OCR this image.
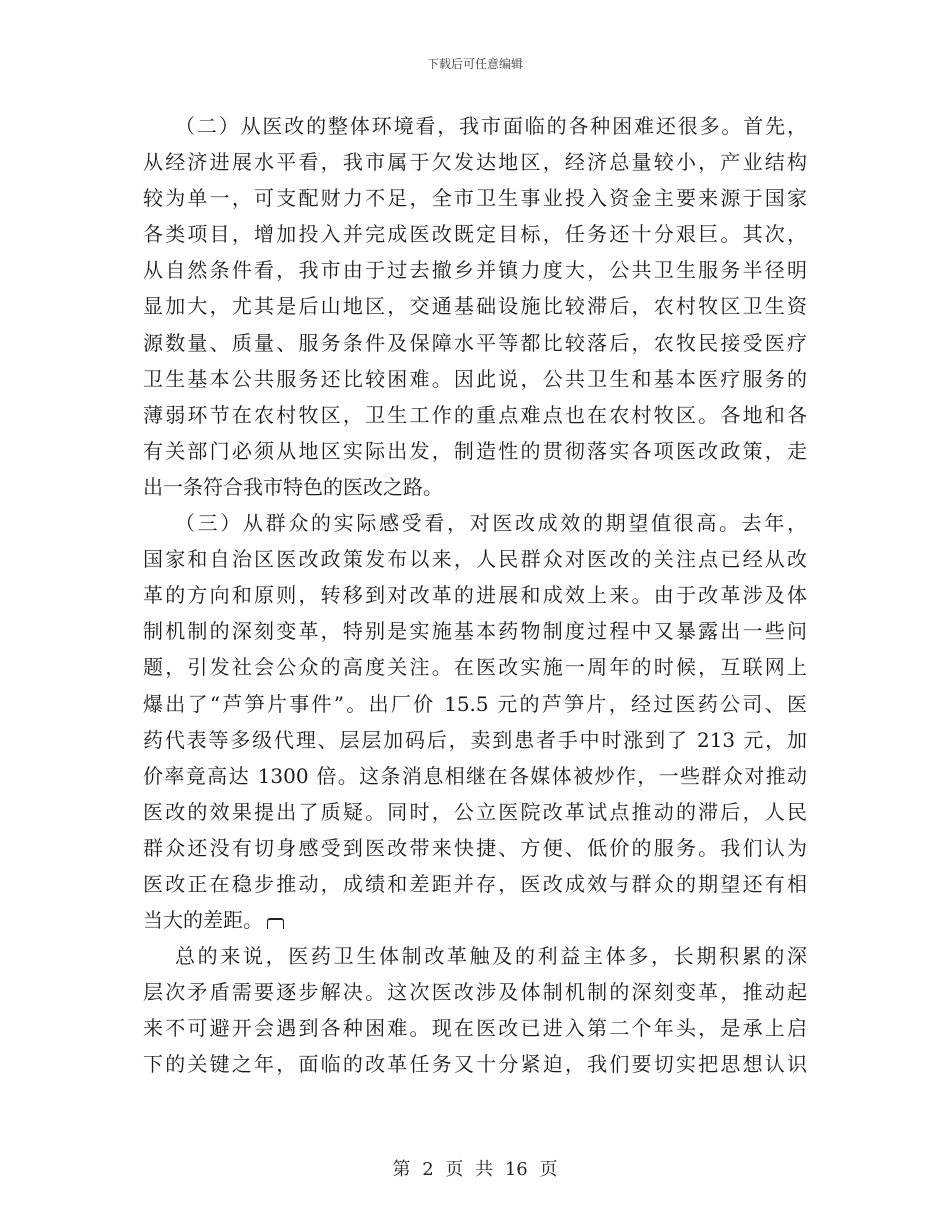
下载后可任意编辑
（二）从医改的整体环境看，我市面临的各种困难还很多。首先，
从经济进展水平看，我市属于欠发达地区，经济总量较小，产业结构
较为单一，可支配财力不足，全市卫生事业投入资金主要来源于国家
各类项目，增加投入并完成医改既定目标，任务还十分艰巨。其次，
从自然条件看，我市由于过去撤乡并镇力度大，公共卫生服务半径明
显加大，尤其是后山地区，交通基础设施比较滞后，农村牧区卫生资
源数量、质量、服务条件及保障水平等都比较落后，农牧民接受医疗
卫生基本公共服务还比较困难。因此说，公共卫生和基本医疗服务的
薄弱环节在农村牧区，卫生工作的重点难点也在农村牧区。各地和各
有关部门必须从地区实际出发，制造性的贯彻落实各项医改政策，走
出一条符合我市特色的医改之路。
（三）从群众的实际感受看，对医改成效的期望值很高。去年，
国家和自治区医改政策发布以来，人民群众对医改的关注点已经从改
革的方向和原则，转移到对改革的进展和成效上来。由于改革涉及体
制机制的深刻变革，特别是实施基本药物制度过程中又暴露出一些问
题，引发社会公众的高度关注。在医改实施一周年的时候，互联网上
爆出了“芦笋片事件”。出厂价 15.5 元的芦笋片，经过医药公司、医
药代表等多级代理、层层加码后，卖到患者手中时涨到了 213 元，加
价率竟高达 1300 倍。这条消息相继在各媒体被炒作，一些群众对推动
医改的效果提出了质疑。同时，公立医院改革试点推动的滞后，人民
群众还没有切身感受到医改带来快捷、方便、低价的服务。我们认为
医改正在稳步推动，成绩和差距并存，医改成效与群众的期望还有相
当大的差距。
总的来说，医药卫生体制改革触及的利益主体多，长期积累的深
层次矛盾需要逐步解决。这次医改涉及体制机制的深刻变革，推动起
来不可避开会遇到各种困难。现在医改已进入第二个年头，是承上启
下的关键之年，面临的改革任务又十分紧迫，我们要切实把思想认识
第 2 页 共 16 页
